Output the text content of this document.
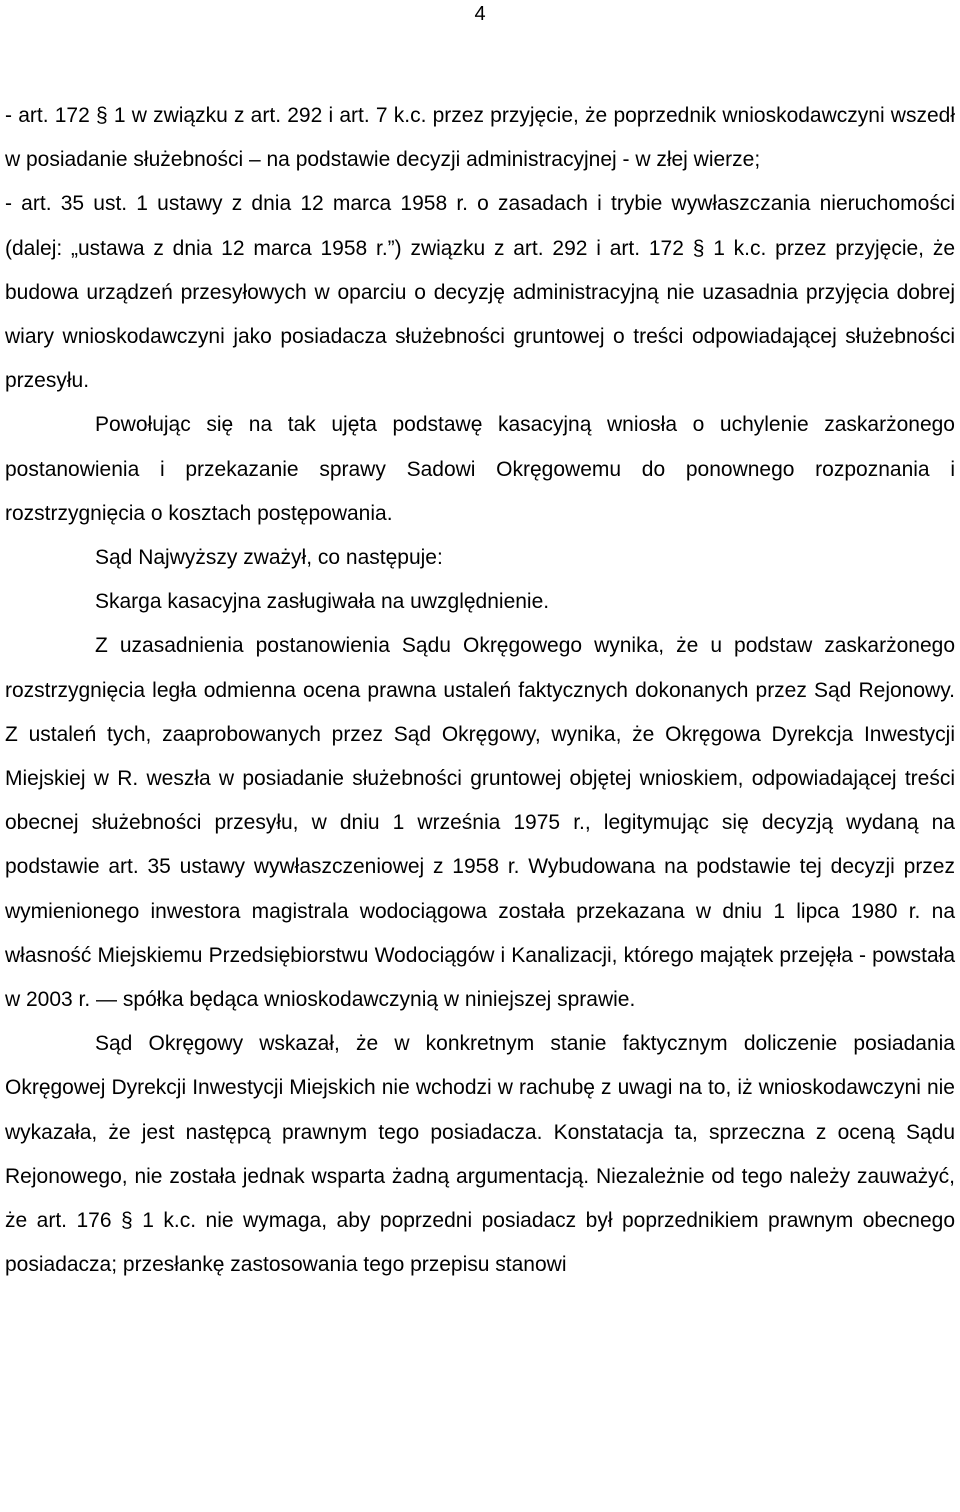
4

- art. 172 § 1 w związku z art. 292 i art. 7 k.c. przez przyjęcie, że poprzednik wnioskodawczyni wszedł w posiadanie służebności – na podstawie decyzji administracyjnej - w złej wierze;

- art. 35 ust. 1 ustawy z dnia 12 marca 1958 r. o zasadach i trybie wywłaszczania nieruchomości (dalej: „ustawa z dnia 12 marca 1958 r.”) związku z art. 292 i art. 172 § 1 k.c. przez przyjęcie, że budowa urządzeń przesyłowych w oparciu o decyzję administracyjną nie uzasadnia przyjęcia dobrej wiary wnioskodawczyni jako posiadacza służebności gruntowej o treści odpowiadającej służebności przesyłu.

Powołując się na tak ujęta podstawę kasacyjną wniosła o uchylenie zaskarżonego postanowienia i przekazanie sprawy Sadowi Okręgowemu do ponownego rozpoznania i rozstrzygnięcia o kosztach postępowania.

Sąd Najwyższy zważył, co następuje:

Skarga kasacyjna zasługiwała na uwzględnienie.

Z uzasadnienia postanowienia Sądu Okręgowego wynika, że u podstaw zaskarżonego rozstrzygnięcia legła odmienna ocena prawna ustaleń faktycznych dokonanych przez Sąd Rejonowy. Z ustaleń tych, zaaprobowanych przez Sąd Okręgowy, wynika, że Okręgowa Dyrekcja Inwestycji Miejskiej w R. weszła w posiadanie służebności gruntowej objętej wnioskiem, odpowiadającej treści obecnej służebności przesyłu, w dniu 1 września 1975 r., legitymując się decyzją wydaną na podstawie art. 35 ustawy wywłaszczeniowej z 1958 r. Wybudowana na podstawie tej decyzji przez wymienionego inwestora magistrala wodociągowa została przekazana w dniu 1 lipca 1980 r. na własność Miejskiemu Przedsiębiorstwu Wodociągów i Kanalizacji, którego majątek przejęła - powstała w 2003 r. — spółka będąca wnioskodawczynią w niniejszej sprawie.

Sąd Okręgowy wskazał, że w konkretnym stanie faktycznym doliczenie posiadania Okręgowej Dyrekcji Inwestycji Miejskich nie wchodzi w rachubę z uwagi na to, iż wnioskodawczyni nie wykazała, że jest następcą prawnym tego posiadacza. Konstatacja ta, sprzeczna z oceną Sądu Rejonowego, nie została jednak wsparta żadną argumentacją. Niezależnie od tego należy zauważyć, że art. 176 § 1 k.c. nie wymaga, aby poprzedni posiadacz był poprzednikiem prawnym obecnego posiadacza; przesłankę zastosowania tego przepisu stanowi
